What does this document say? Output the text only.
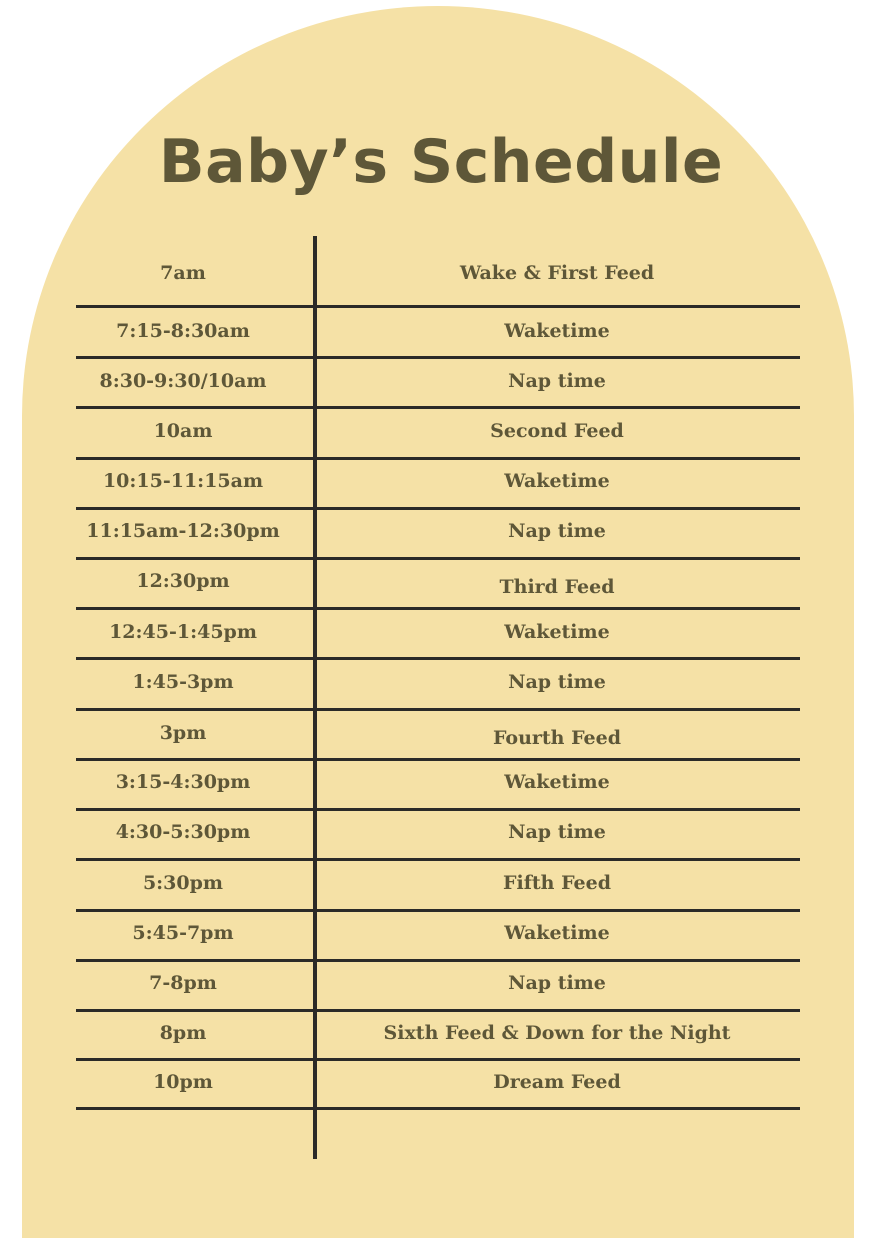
Baby’s Schedule
7am	Wake & First Feed
7:15-8:30am	Waketime
8:30-9:30/10am	Nap time
10am	Second Feed
10:15-11:15am	Waketime
11:15am-12:30pm	Nap time
12:30pm	Third Feed
12:45-1:45pm	Waketime
1:45-3pm	Nap time
3pm	Fourth Feed
3:15-4:30pm	Waketime
4:30-5:30pm	Nap time
5:30pm	Fifth Feed
5:45-7pm	Waketime
7-8pm	Nap time
8pm	Sixth Feed & Down for the Night
10pm	Dream Feed
